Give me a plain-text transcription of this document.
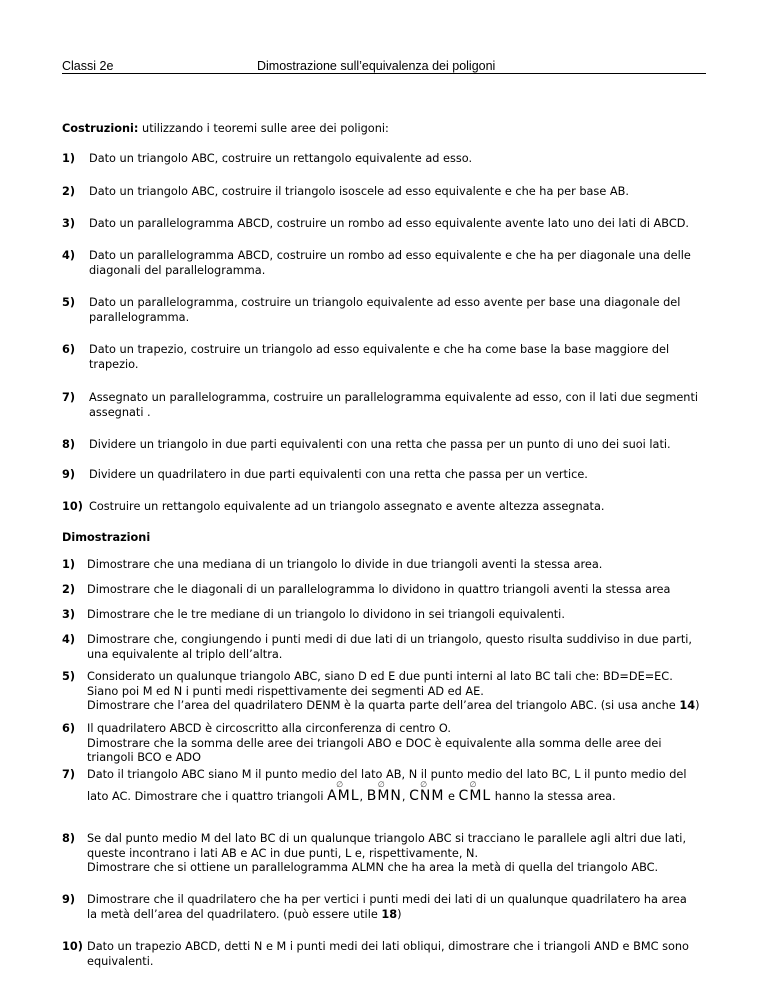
Classi 2e	Dimostrazione sull’equivalenza dei poligoni
Costruzioni: utilizzando i teoremi sulle aree dei poligoni:
1) Dato un triangolo ABC, costruire un rettangolo equivalente ad esso.
2) Dato un triangolo ABC, costruire il triangolo isoscele ad esso equivalente e che ha per base AB.
3) Dato un parallelogramma ABCD, costruire un rombo ad esso equivalente avente lato uno dei lati di ABCD.
4) Dato un parallelogramma ABCD, costruire un rombo ad esso equivalente e che ha per diagonale una delle
diagonali del parallelogramma.
5) Dato un parallelogramma, costruire un triangolo equivalente ad esso avente per base una diagonale del
parallelogramma.
6) Dato un trapezio, costruire un triangolo ad esso equivalente e che ha come base la base maggiore del
trapezio.
7) Assegnato un parallelogramma, costruire un parallelogramma equivalente ad esso, con il lati due segmenti
assegnati .
8) Dividere un triangolo in due parti equivalenti con una retta che passa per un punto di uno dei suoi lati.
Dimostrazioni
1) Dimostrare che una mediana di un triangolo lo divide in due triangoli aventi la stessa area.
2) Dimostrare che le diagonali di un parallelogramma lo dividono in quattro triangoli aventi la stessa area
3) Dimostrare che le tre mediane di un triangolo lo dividono in sei triangoli equivalenti.
4) Dimostrare che, congiungendo i punti medi di due lati di un triangolo, questo risulta suddiviso in due parti,
una equivalente al triplo dell’altra.
5) Considerato un qualunque triangolo ABC, siano D ed E due punti interni al lato BC tali che: BD=DE=EC.
Siano poi M ed N i punti medi rispettivamente dei segmenti AD ed AE.
Dimostrare che l’area del quadrilatero DENM è la quarta parte dell’area del triangolo ABC. (si usa anche 14)
6) Il quadrilatero ABCD è circoscritto alla circonferenza di centro O.
Dimostrare che la somma delle aree dei triangoli ABO e DOC è equivalente alla somma delle aree dei
triangoli BCO e ADO
7) Dato il triangolo ABC siano M il punto medio del lato AB, N il punto medio del lato BC, L il punto medio del
lato AC. Dimostrare che i quattro triangoli
∅
AML,
∅
BMN,
∅
CNM e
∅
CML hanno la stessa area.
8) Se dal punto medio M del lato BC di un qualunque triangolo ABC si tracciano le parallele agli altri due lati,
queste incontrano i lati AB e AC in due punti, L e, rispettivamente, N.
Dimostrare che si ottiene un parallelogramma ALMN che ha area la metà di quella del triangolo ABC.
9) Dimostrare che il quadrilatero che ha per vertici i punti medi dei lati di un qualunque quadrilatero ha area
la metà dell’area del quadrilatero. (può essere utile 18)
10) Dato un trapezio ABCD, detti N e M i punti medi dei lati obliqui, dimostrare che i triangoli AND e BMC sono
equivalenti.
9) Dividere un quadrilatero in due parti equivalenti con una retta che passa per un vertice.
10) Costruire un rettangolo equivalente ad un triangolo assegnato e avente altezza assegnata.
